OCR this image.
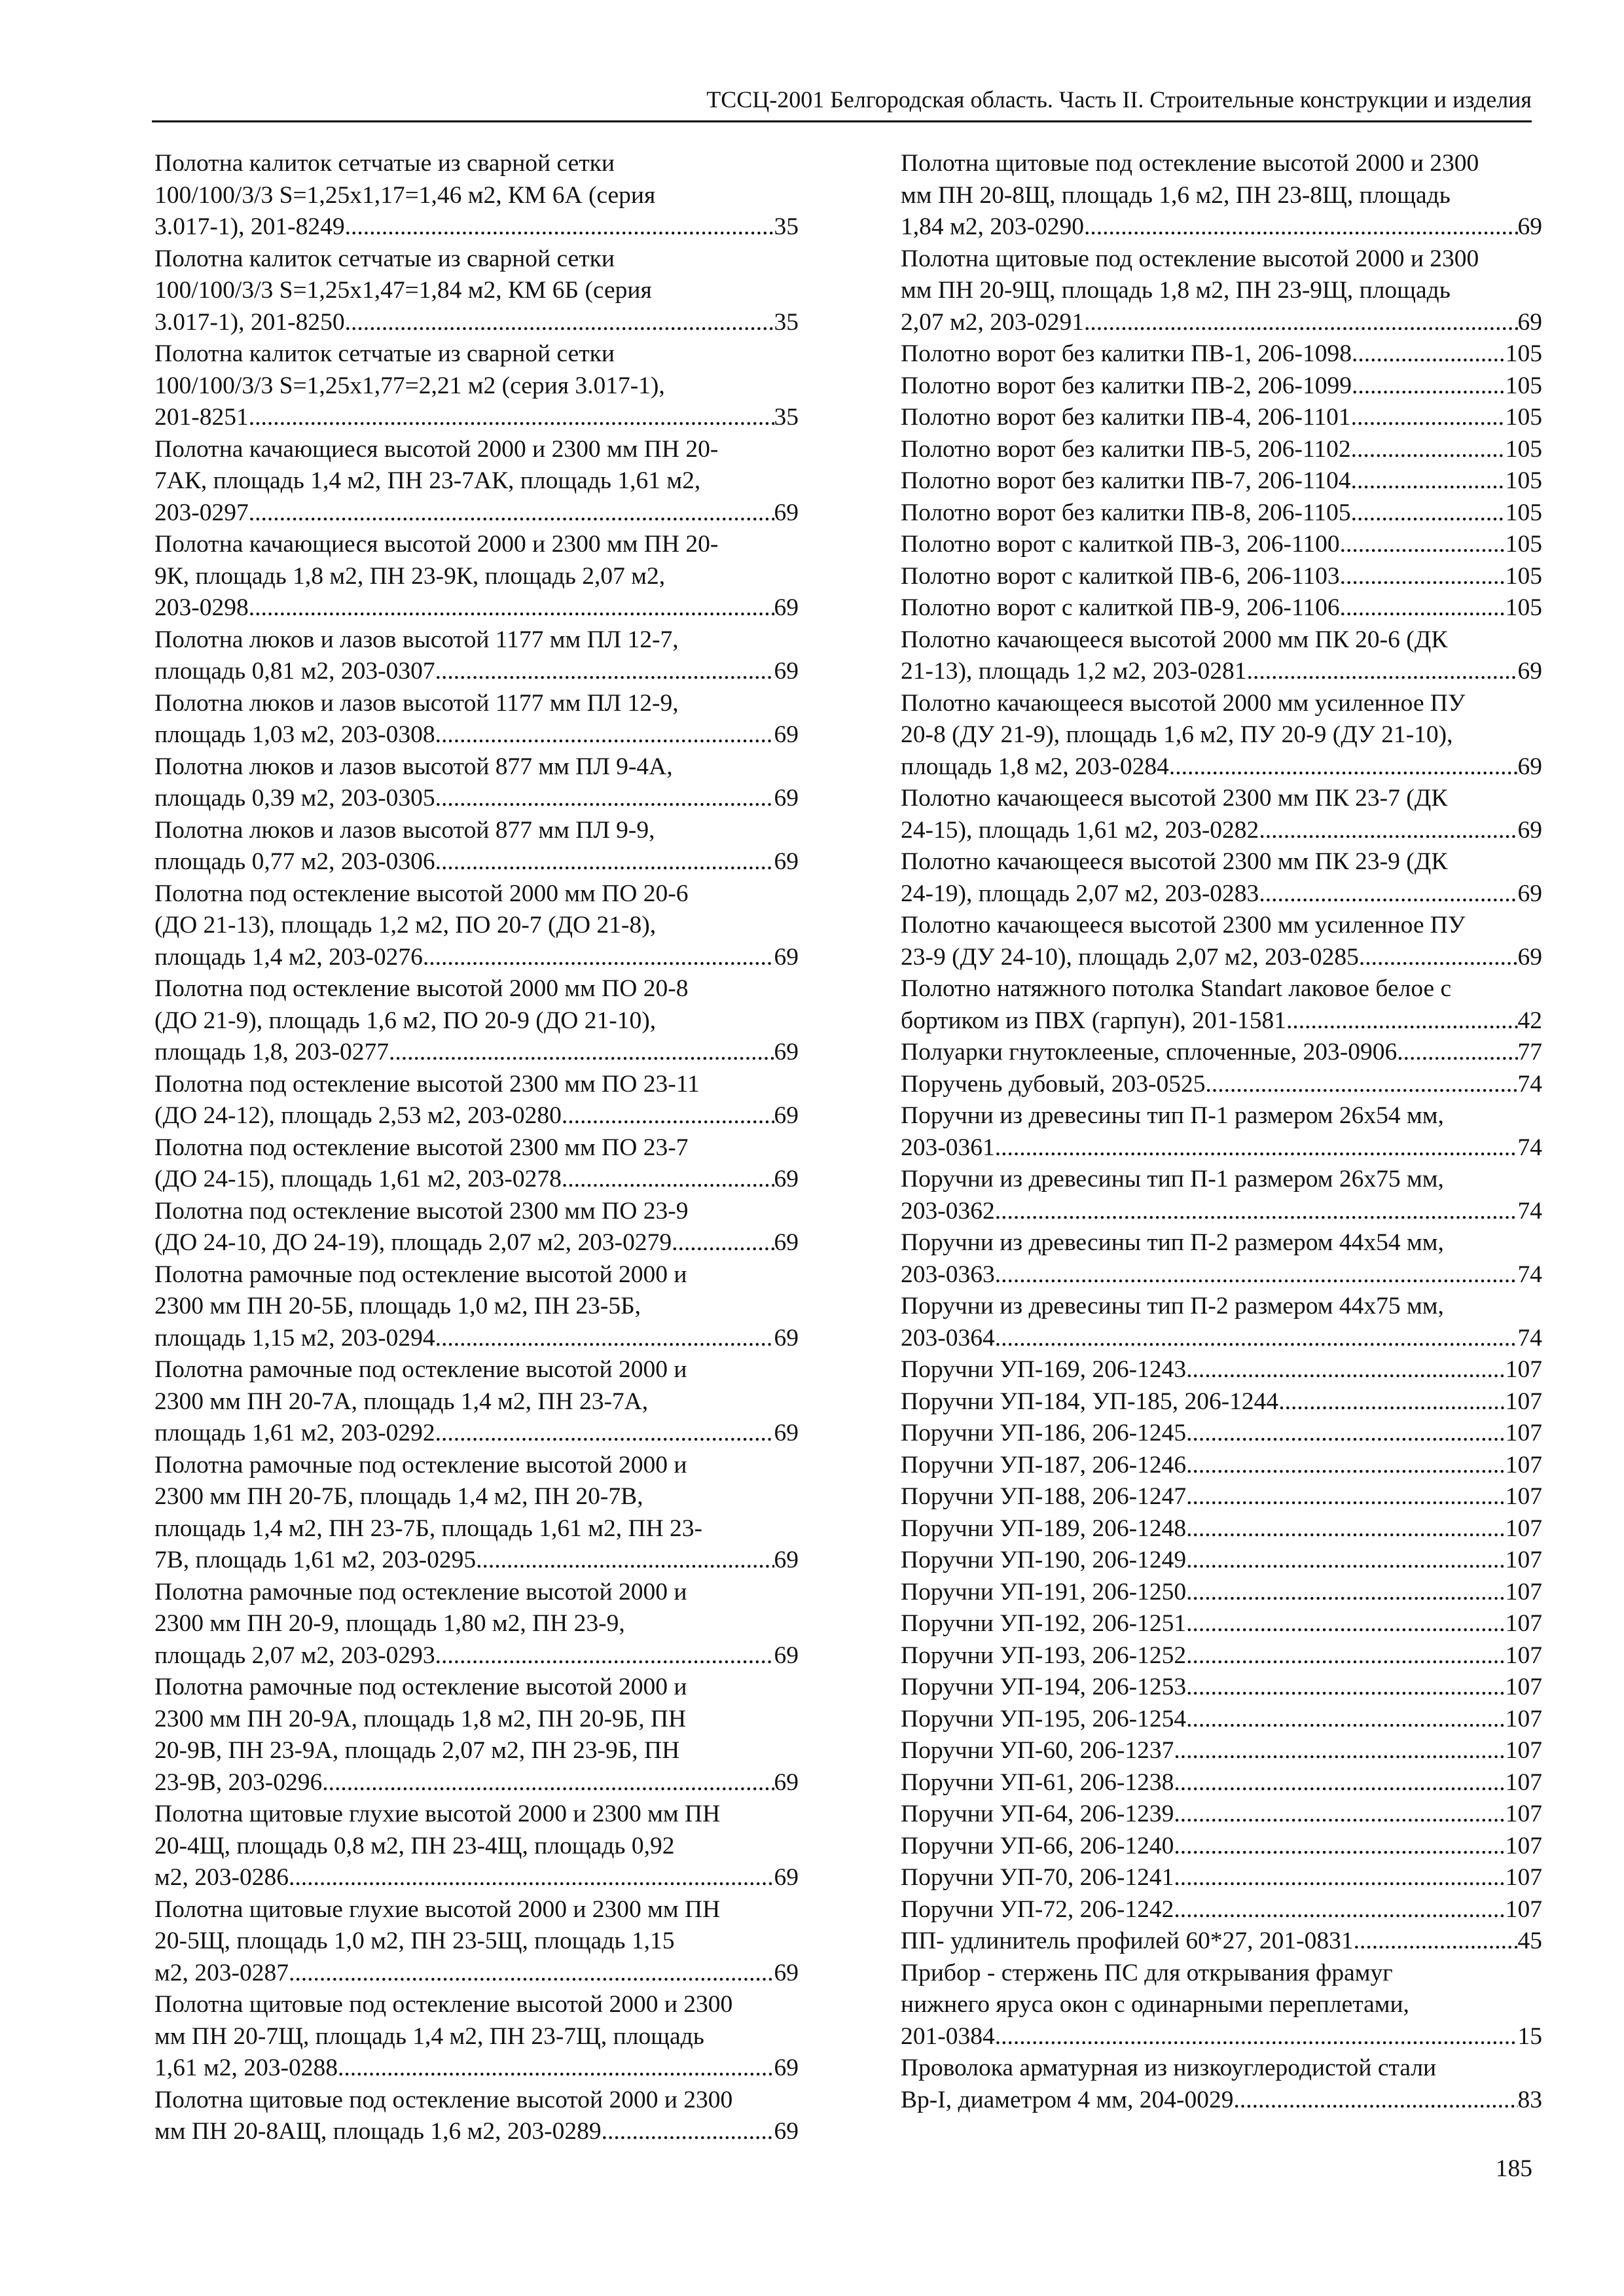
ТССЦ-2001 Белгородская область. Часть II. Строительные конструкции и изделия
Полотна калиток сетчатые из сварной сетки
100/100/3/3 S=1,25х1,17=1,46 м2, КМ 6А (серия
3.017-1), 201-8249 .....	35
Полотна калиток сетчатые из сварной сетки
100/100/3/3 S=1,25х1,47=1,84 м2, КМ 6Б (серия
3.017-1), 201-8250 .....	35
Полотна калиток сетчатые из сварной сетки
100/100/3/3 S=1,25х1,77=2,21 м2 (серия 3.017-1),
201-8251 .....	35
Полотна качающиеся высотой 2000 и 2300 мм ПН 20-
7АК, площадь 1,4 м2, ПН 23-7АК, площадь 1,61 м2,
203-0297 .....	69
Полотна качающиеся высотой 2000 и 2300 мм ПН 20-
9К, площадь 1,8 м2, ПН 23-9К, площадь 2,07 м2,
203-0298 .....	69
Полотна люков и лазов высотой 1177 мм ПЛ 12-7,
площадь 0,81 м2, 203-0307 .....	69
Полотна люков и лазов высотой 1177 мм ПЛ 12-9,
площадь 1,03 м2, 203-0308 .....	69
Полотна люков и лазов высотой 877 мм ПЛ 9-4А,
площадь 0,39 м2, 203-0305 .....	69
Полотна люков и лазов высотой 877 мм ПЛ 9-9,
площадь 0,77 м2, 203-0306 .....	69
Полотна под остекление высотой 2000 мм ПО 20-6
(ДО 21-13), площадь 1,2 м2, ПО 20-7 (ДО 21-8),
площадь 1,4 м2, 203-0276 .....	69
Полотна под остекление высотой 2000 мм ПО 20-8
(ДО 21-9), площадь 1,6 м2, ПО 20-9 (ДО 21-10),
площадь 1,8, 203-0277 .....	69
Полотна под остекление высотой 2300 мм ПО 23-11
(ДО 24-12), площадь 2,53 м2, 203-0280 .....	69
Полотна под остекление высотой 2300 мм ПО 23-7
(ДО 24-15), площадь 1,61 м2, 203-0278 .....	69
Полотна под остекление высотой 2300 мм ПО 23-9
(ДО 24-10, ДО 24-19), площадь 2,07 м2, 203-0279 .....	69
Полотна рамочные под остекление высотой 2000 и
2300 мм ПН 20-5Б, площадь 1,0 м2, ПН 23-5Б,
площадь 1,15 м2, 203-0294 .....	69
Полотна рамочные под остекление высотой 2000 и
2300 мм ПН 20-7А, площадь 1,4 м2, ПН 23-7А,
площадь 1,61 м2, 203-0292 .....	69
Полотна рамочные под остекление высотой 2000 и
2300 мм ПН 20-7Б, площадь 1,4 м2, ПН 20-7В,
площадь 1,4 м2, ПН 23-7Б, площадь 1,61 м2, ПН 23-
7В, площадь 1,61 м2, 203-0295 .....	69
Полотна рамочные под остекление высотой 2000 и
2300 мм ПН 20-9, площадь 1,80 м2, ПН 23-9,
площадь 2,07 м2, 203-0293 .....	69
Полотна рамочные под остекление высотой 2000 и
2300 мм ПН 20-9А, площадь 1,8 м2, ПН 20-9Б, ПН
20-9В, ПН 23-9А, площадь 2,07 м2, ПН 23-9Б, ПН
23-9В, 203-0296 .....	69
Полотна щитовые глухие высотой 2000 и 2300 мм ПН
20-4Щ, площадь 0,8 м2, ПН 23-4Щ, площадь 0,92
м2, 203-0286 .....	69
Полотна щитовые глухие высотой 2000 и 2300 мм ПН
20-5Щ, площадь 1,0 м2, ПН 23-5Щ, площадь 1,15
м2, 203-0287 .....	69
Полотна щитовые под остекление высотой 2000 и 2300
мм ПН 20-7Щ, площадь 1,4 м2, ПН 23-7Щ, площадь
1,61 м2, 203-0288 .....	69
Полотна щитовые под остекление высотой 2000 и 2300
мм ПН 20-8АЩ, площадь 1,6 м2, 203-0289 .....	69
Полотна щитовые под остекление высотой 2000 и 2300
мм ПН 20-8Щ, площадь 1,6 м2, ПН 23-8Щ, площадь
1,84 м2, 203-0290 .....	69
Полотна щитовые под остекление высотой 2000 и 2300
мм ПН 20-9Щ, площадь 1,8 м2, ПН 23-9Щ, площадь
2,07 м2, 203-0291 .....	69
Полотно ворот без калитки ПВ-1, 206-1098 .....	105
Полотно ворот без калитки ПВ-2, 206-1099 .....	105
Полотно ворот без калитки ПВ-4, 206-1101 .....	105
Полотно ворот без калитки ПВ-5, 206-1102 .....	105
Полотно ворот без калитки ПВ-7, 206-1104 .....	105
Полотно ворот без калитки ПВ-8, 206-1105 .....	105
Полотно ворот с калиткой ПВ-3, 206-1100 .....	105
Полотно ворот с калиткой ПВ-6, 206-1103 .....	105
Полотно ворот с калиткой ПВ-9, 206-1106 .....	105
Полотно качающееся высотой 2000 мм ПК 20-6 (ДК
21-13), площадь 1,2 м2, 203-0281 .....	69
Полотно качающееся высотой 2000 мм усиленное ПУ
20-8 (ДУ 21-9), площадь 1,6 м2, ПУ 20-9 (ДУ 21-10),
площадь 1,8 м2, 203-0284 .....	69
Полотно качающееся высотой 2300 мм ПК 23-7 (ДК
24-15), площадь 1,61 м2, 203-0282 .....	69
Полотно качающееся высотой 2300 мм ПК 23-9 (ДК
24-19), площадь 2,07 м2, 203-0283 .....	69
Полотно качающееся высотой 2300 мм усиленное ПУ
23-9 (ДУ 24-10), площадь 2,07 м2, 203-0285 .....	69
Полотно натяжного потолка Standart лаковое белое с
бортиком из ПВХ (гарпун), 201-1581 .....	42
Полуарки гнутоклееные, сплоченные, 203-0906 .....	77
Поручень дубовый, 203-0525 .....	74
Поручни из древесины тип П-1 размером 26х54 мм,
203-0361 .....	74
Поручни из древесины тип П-1 размером 26х75 мм,
203-0362 .....	74
Поручни из древесины тип П-2 размером 44х54 мм,
203-0363 .....	74
Поручни из древесины тип П-2 размером 44х75 мм,
203-0364 .....	74
Поручни УП-169, 206-1243 .....	107
Поручни УП-184, УП-185, 206-1244 .....	107
Поручни УП-186, 206-1245 .....	107
Поручни УП-187, 206-1246 .....	107
Поручни УП-188, 206-1247 .....	107
Поручни УП-189, 206-1248 .....	107
Поручни УП-190, 206-1249 .....	107
Поручни УП-191, 206-1250 .....	107
Поручни УП-192, 206-1251 .....	107
Поручни УП-193, 206-1252 .....	107
Поручни УП-194, 206-1253 .....	107
Поручни УП-195, 206-1254 .....	107
Поручни УП-60, 206-1237 .....	107
Поручни УП-61, 206-1238 .....	107
Поручни УП-64, 206-1239 .....	107
Поручни УП-66, 206-1240 .....	107
Поручни УП-70, 206-1241 .....	107
Поручни УП-72, 206-1242 .....	107
ПП- удлинитель профилей 60*27, 201-0831 .....	45
Прибор - стержень ПС для открывания фрамуг
нижнего яруса окон с одинарными переплетами,
201-0384 .....	15
Проволока арматурная из низкоуглеродистой стали
Вр-I, диаметром 4 мм, 204-0029 .....	83
185
